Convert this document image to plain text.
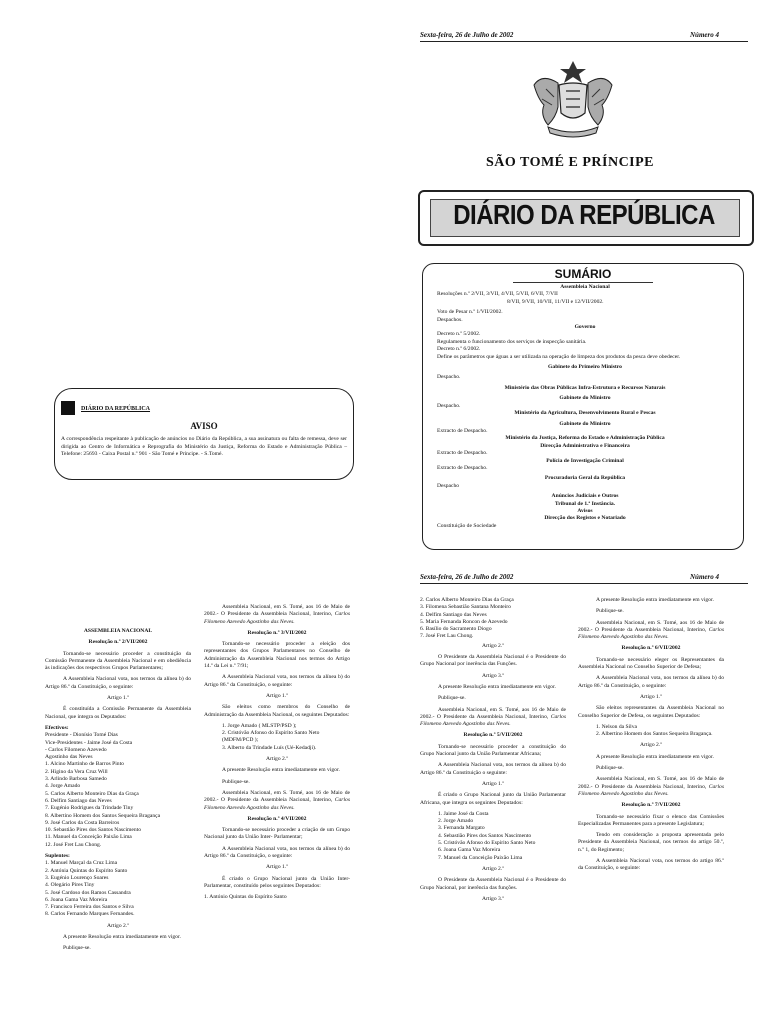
Sexta-feira, 26 de Julho de 2002	Número 4
SÃO TOMÉ E PRÍNCIPE
DIÁRIO DA REPÚBLICA
SUMÁRIO
Assembleia Nacional
Resoluções n.º 2/VII, 3/VII, 4/VII, 5/VII, 6/VII, 7/VII
8/VII, 9/VII, 10/VII, 11/VII e 12/VII/2002.
Voto de Pesar n.º 1/VII/2002.
Despachos.
Governo
Decreto n.º 5/2002.
Regulamenta o funcionamento dos serviços de inspecção sanitária.
Decreto n.º 6/2002.
Define os parâmetros que águas a ser utilizada na operação de limpeza dos produtos da pesca deve obedecer.
Gabinete do Primeiro Ministro
Despacho.
Ministério das Obras Públicas Infra-Estrutura e Recursos Naturais
Gabinete do Ministro
Despacho.
Ministério da Agricultura, Desenvolvimento Rural e Pescas
Gabinete do Ministro
Extracto de Despacho.
Ministério da Justiça, Reforma do Estado e Administração Pública
Direcção Administrativa e Financeira
Extracto de Despacho.
Polícia de Investigação Criminal
Extracto de Despacho.
Procuradoria Geral da República
Despacho
Anúncios Judiciais e Outros
Tribunal de 1.ª Instância.
Avisos
Direcção dos Registos e Notariado
Constituição de Sociedade
DIÁRIO DA REPÚBLICA
AVISO
A correspondência respeitante à publicação de anúncios no Diário da República, a sua assinatura ou falta de remessa, deve ser dirigida ao Centro de Informática e Reprografia do Ministério da Justiça, Reforma do Estado e Administração Pública – Telefone: 25693 - Caixa Postal n.º 901 - São Tomé e Príncipe. - S.Tomé.
Sexta-feira, 26 de Julho de 2002	Número 4

ASSEMBLEIA NACIONAL

Resolução n.º 2/VII/2002

Tornando-se necessário proceder a constituição da Comissão Permanente da Assembleia Nacional e em obediência às indicações dos respectivos Grupos Parlamentares;

A Assembleia Nacional vota, nos termos da alínea b) do Artigo 86.º da Constituição, o seguinte:

Artigo 1.º

É constituída a Comissão Permanente da Assembleia Nacional, que integra os Deputados:

Efectivos:
Presidente - Dionísio Tomé Dias
Vice-Presidentes - Jaime José da Costa
- Carlos Filomeno Azevedo
Agostinho das Neves
1. Alcino Martinho de Barros Pinto
2. Higino da Vera Cruz Will
3. Arlindo Barbosa Samedo
4. Jorge Amado
5. Carlos Alberto Monteiro Dias da Graça
6. Delfim Santiago das Neves
7. Eugénio Rodrigues da Trindade Tiny
8. Albertino Homem dos Santos Sequeira Bragança
9. José Carlos da Costa Barreiros
10. Sebastião Pires dos Santos Nascimento
11. Manuel da Conceição Paixão Lima
12. José Fret Lau Chong.
Suplentes:
1. Manuel Marçal da Cruz Lima
2. Antónia Quintas do Espírito Santo
3. Eugénio Lourenço Soares
4. Olegário Pires Tiny
5. José Cardoso dos Ramos Cassandra
6. Joana Gama Vaz Moreira
7. Francisco Ferreira dos Santos e Silva
8. Carlos Fernando Marques Fernandes.

Artigo 2.º

A presente Resolução entra imediatamente em vigor.

Publique-se.

Assembleia Nacional, em S. Tomé, aos 16 de Maio de 2002.- O Presidente da Assembleia Nacional, Interino, Carlos Filomeno Azevedo Agostinho das Neves.

Resolução n.º 3/VII/2002

Tornando-se necessário proceder a eleição dos representantes dos Grupos Parlamentares no Conselho de Administração da Assembleia Nacional nos termos do Artigo 14.º da Lei n.º 7/91;

A Assembleia Nacional vota, nos termos da alínea b) do Artigo 86.º da Constituição, o seguinte:

Artigo 1.º

São eleitos como membros do Conselho de Administração da Assembleia Nacional, os seguintes Deputados:

1. Jorge Amado ( MLSTP/PSD );
2. Cristóvão Afonso do Espírito Santo Neto (MDFM/PCD );
3. Alberto da Trindade Luís (Ué-Kedadji).

Artigo 2.º

A presente Resolução entra imediatamente em vigor.

Publique-se.

Assembleia Nacional, em S. Tomé, aos 16 de Maio de 2002.- O Presidente da Assembleia Nacional, Interino, Carlos Filomeno Azevedo Agostinho das Neves.

Resolução n.º 4/VII/2002

Tornando-se necessário proceder a criação de um Grupo Nacional junto da União Inter- Parlamentar;

A Assembleia Nacional vota, nos termos da alínea b) do Artigo 86.º da Constituição, o seguinte:

Artigo 1.º

É criado o Grupo Nacional junto da União Inter-Parlamentar, constituído pelos seguintes Deputados:

1. António Quintas do Espírito Santo
2. Carlos Alberto Monteiro Dias da Graça
3. Filomena Sebastião Santana Monteiro
4. Delfim Santiago das Neves
5. Maria Fernanda Roncon de Azevedo
6. Basílio do Sacramento Diogo
7. José Fret Lau Chong.

Artigo 2.º

O Presidente da Assembleia Nacional é o Presidente do Grupo Nacional por inerência das Funções.

Artigo 3.º

A presente Resolução entra imediatamente em vigor.

Publique-se.

Assembleia Nacional, em S. Tomé, aos 16 de Maio de 2002.- O Presidente da Assembleia Nacional, Interino, Carlos Filomeno Azevedo Agostinho das Neves.

Resolução n.º 5/VII/2002

Tornando-se necessário proceder a constituição do Grupo Nacional junto da União Parlamentar Africana;

A Assembleia Nacional vota, nos termos da alínea b) do Artigo 86.º da Constituição o seguinte:

Artigo 1.º

É criado o Grupo Nacional junto da União Parlamentar Africana, que integra os seguintes Deputados:

1. Jaime José da Costa
2. Jorge Amado
3. Fernanda Margato
4. Sebastião Pires dos Santos Nascimento
5. Cristóvão Afonso do Espírito Santo Neto
6. Joana Gama Vaz Moreira
7. Manuel da Conceição Paixão Lima

Artigo 2.º

O Presidente da Assembleia Nacional é o Presidente do Grupo Nacional, por inerência das funções.

Artigo 3.º

A presente Resolução entra imediatamente em vigor.

Publique-se.

Assembleia Nacional, em S. Tomé, aos 16 de Maio de 2002.- O Presidente da Assembleia Nacional, Interino, Carlos Filomeno Azevedo Agostinho das Neves.

Resolução n.º 6/VII/2002

Tornando-se necessário eleger os Representantes da Assembleia Nacional no Conselho Superior de Defesa;

A Assembleia Nacional vota, nos termos da alínea b) do Artigo 86.º da Constituição, o seguinte:

Artigo 1.º

São eleitos representantes da Assembleia Nacional no Conselho Superior de Defesa, os seguintes Deputados:

1. Nelson da Silva
2. Albertino Homem dos Santos Sequeira Bragança.

Artigo 2.º

A presente Resolução entra imediatamente em vigor.

Publique-se.

Assembleia Nacional, em S. Tomé, aos 16 de Maio de 2002.- O Presidente da Assembleia Nacional, Interino, Carlos Filomeno Azevedo Agostinho das Neves.

Resolução n.º 7/VII/2002

Tornando-se necessário fixar o elenco das Comissões Especializadas Permanentes para a presente Legislatura;

Tendo em consideração a proposta apresentada pelo Presidente da Assembleia Nacional, nos termos do artigo 50.º, n.º 1, do Regimento;

A Assembleia Nacional vota, nos termos do artigo 86.º da Constituição, o seguinte:
